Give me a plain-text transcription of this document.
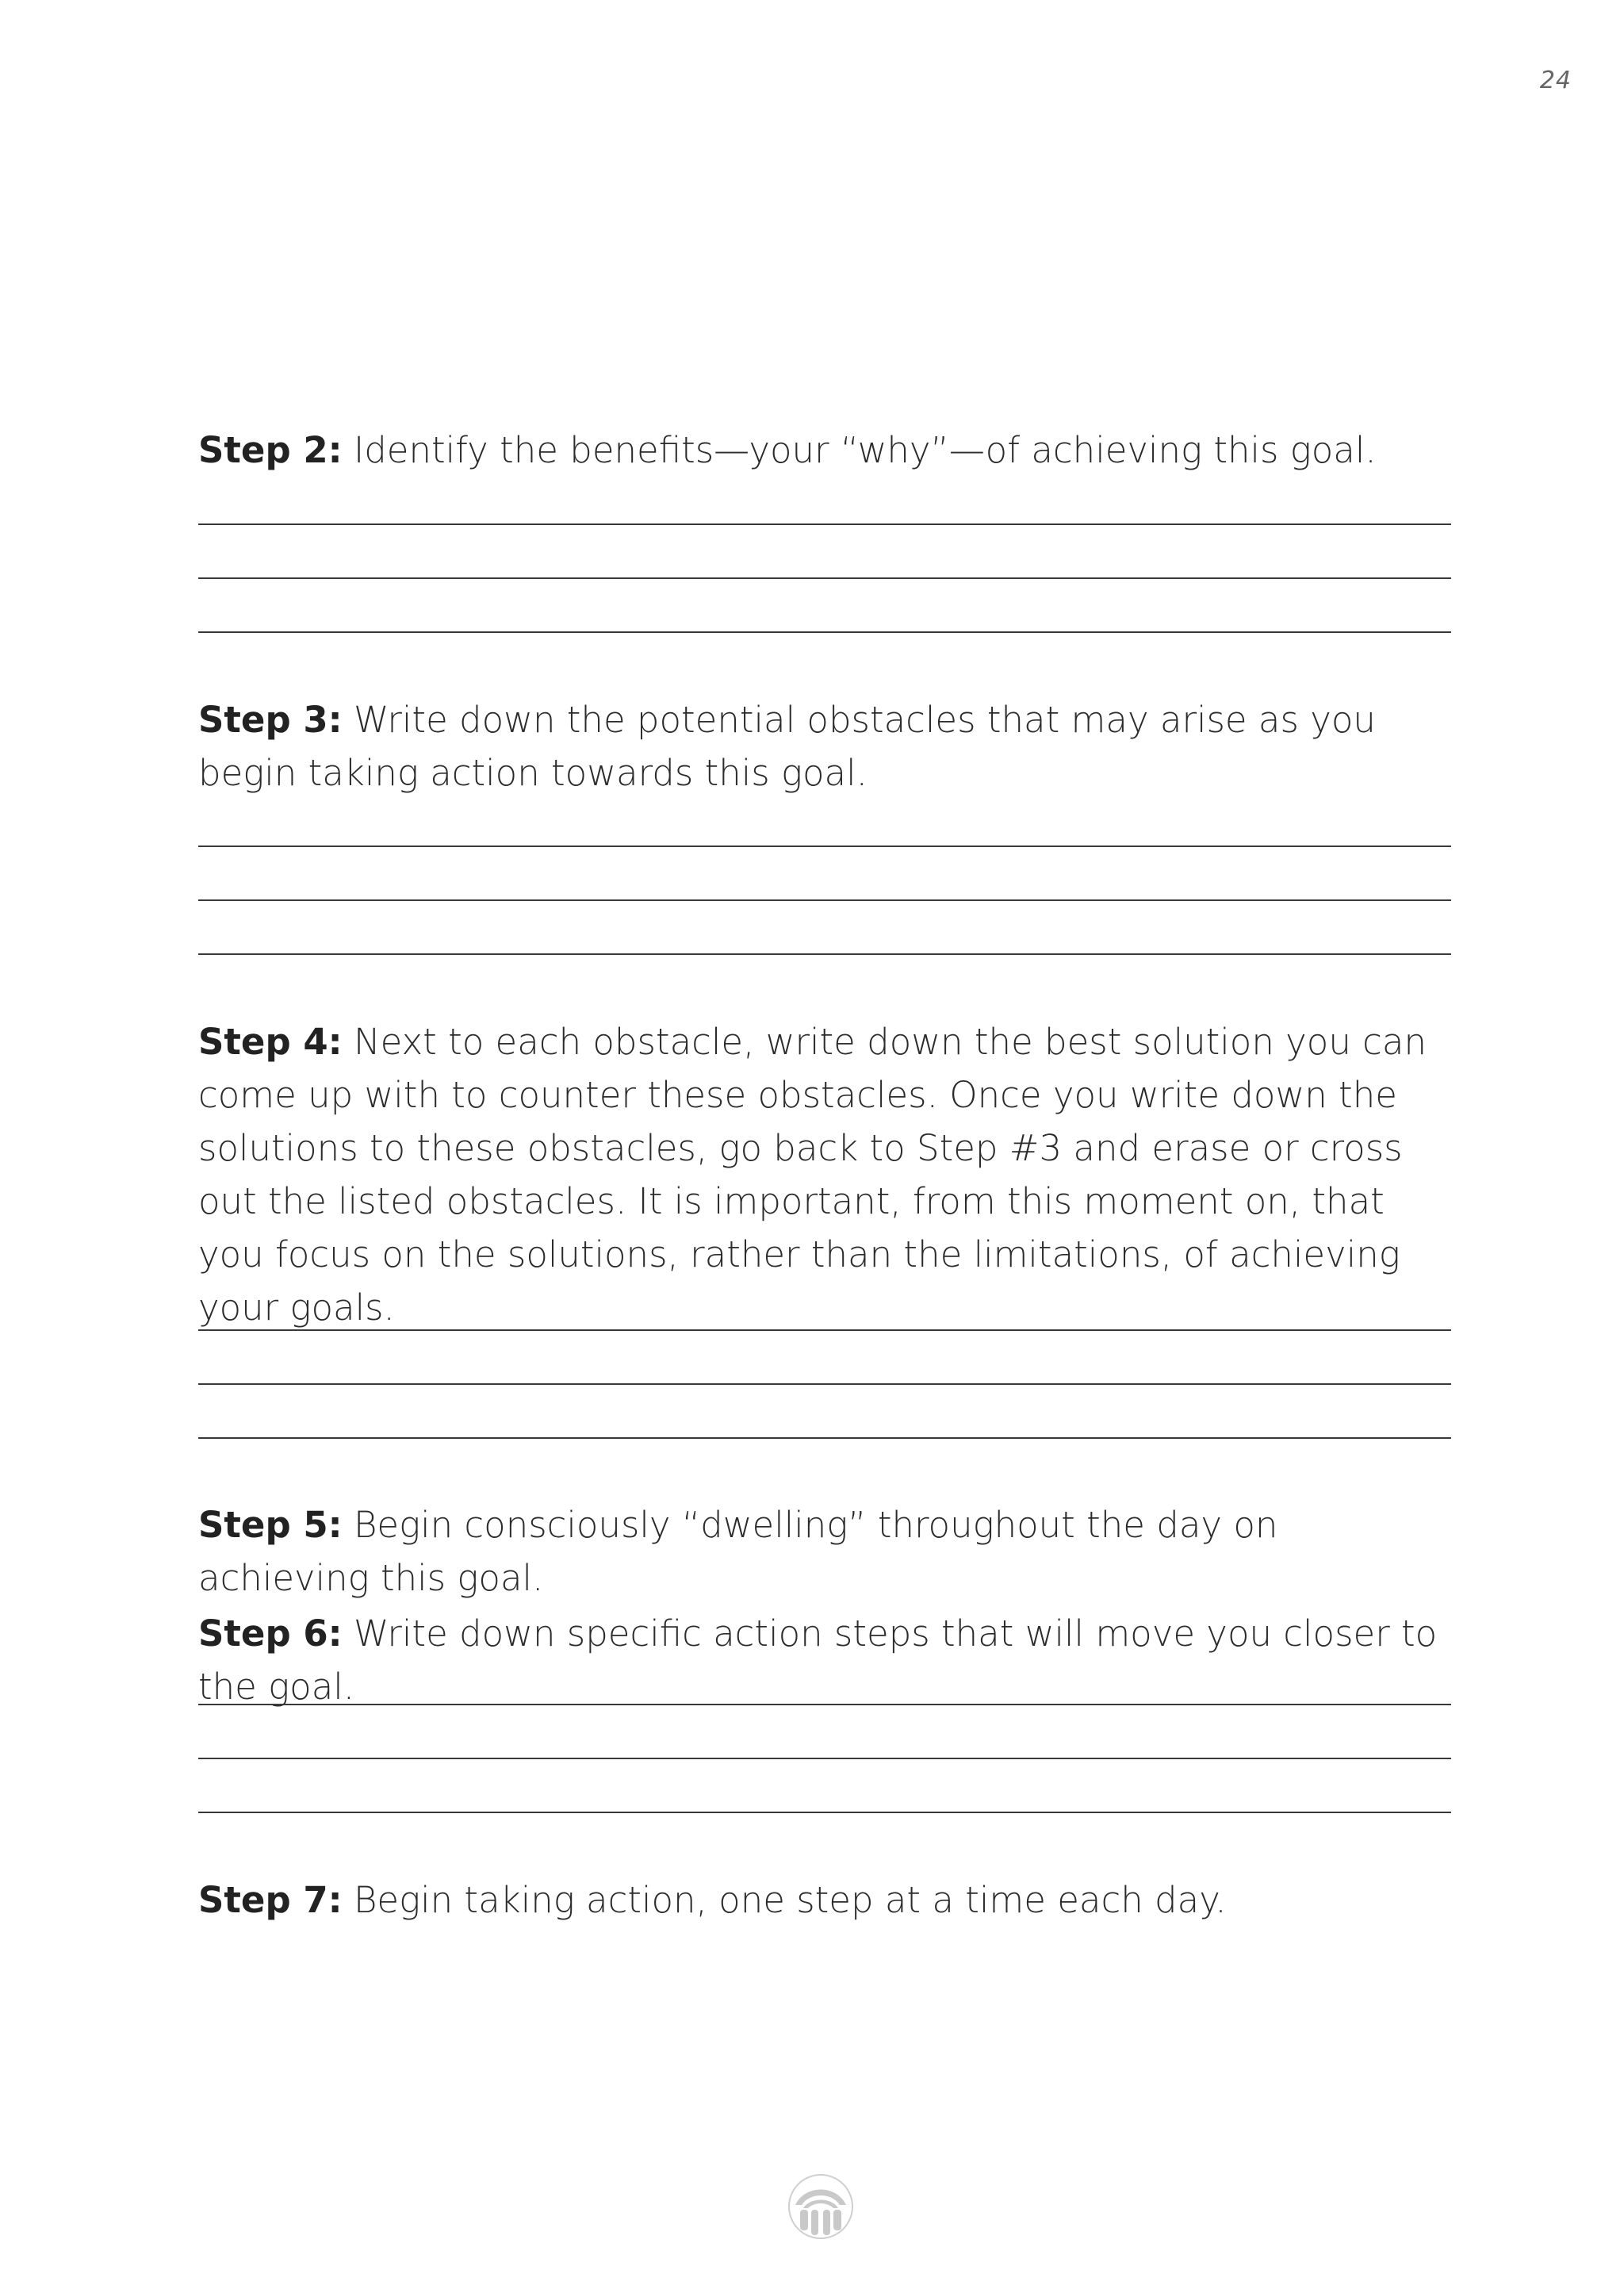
24
Step 2: Identify the benefits—your “why”—of achieving this goal.
Step 3: Write down the potential obstacles that may arise as you begin taking action towards this goal.
Step 4: Next to each obstacle, write down the best solution you can come up with to counter these obstacles. Once you write down the solutions to these obstacles, go back to Step #3 and erase or cross out the listed obstacles. It is important, from this moment on, that you focus on the solutions, rather than the limitations, of achieving your goals.
Step 5: Begin consciously “dwelling” throughout the day on achieving this goal.
Step 6: Write down specific action steps that will move you closer to the goal.
Step 7: Begin taking action, one step at a time each day.
